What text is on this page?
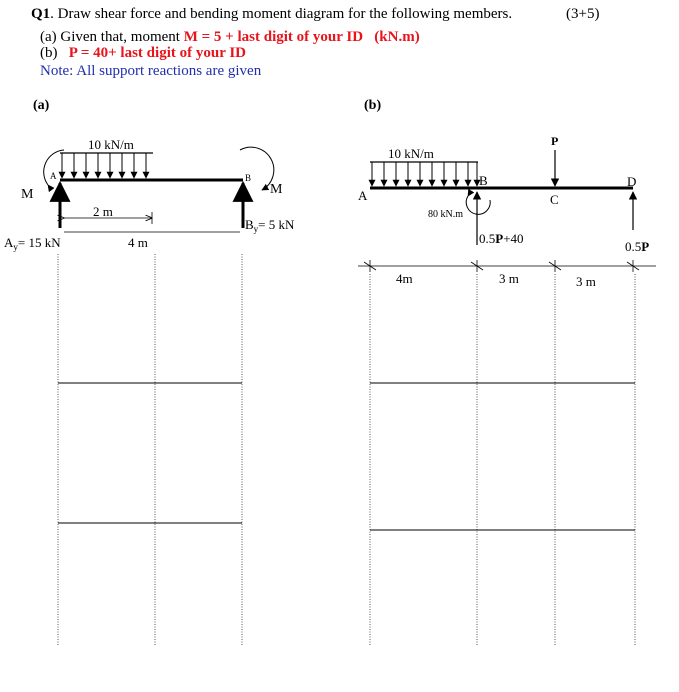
Q1. Draw shear force and bending moment diagram for the following members.	(3+5)
(a) Given that, moment M = 5 + last digit of your ID (kN.m)
(b)   P = 40+ last digit of your ID
Note: All support reactions are given
(a)	(b)
10 kN/m
A
M
B
M
$A_y= 15$ kN
$B_y= 5$ kN
2 m
4 m
10 kN/m
A
B
C
D
P
80 kN.m
0.5P+40
0.5P
4m	3 m	3 m
